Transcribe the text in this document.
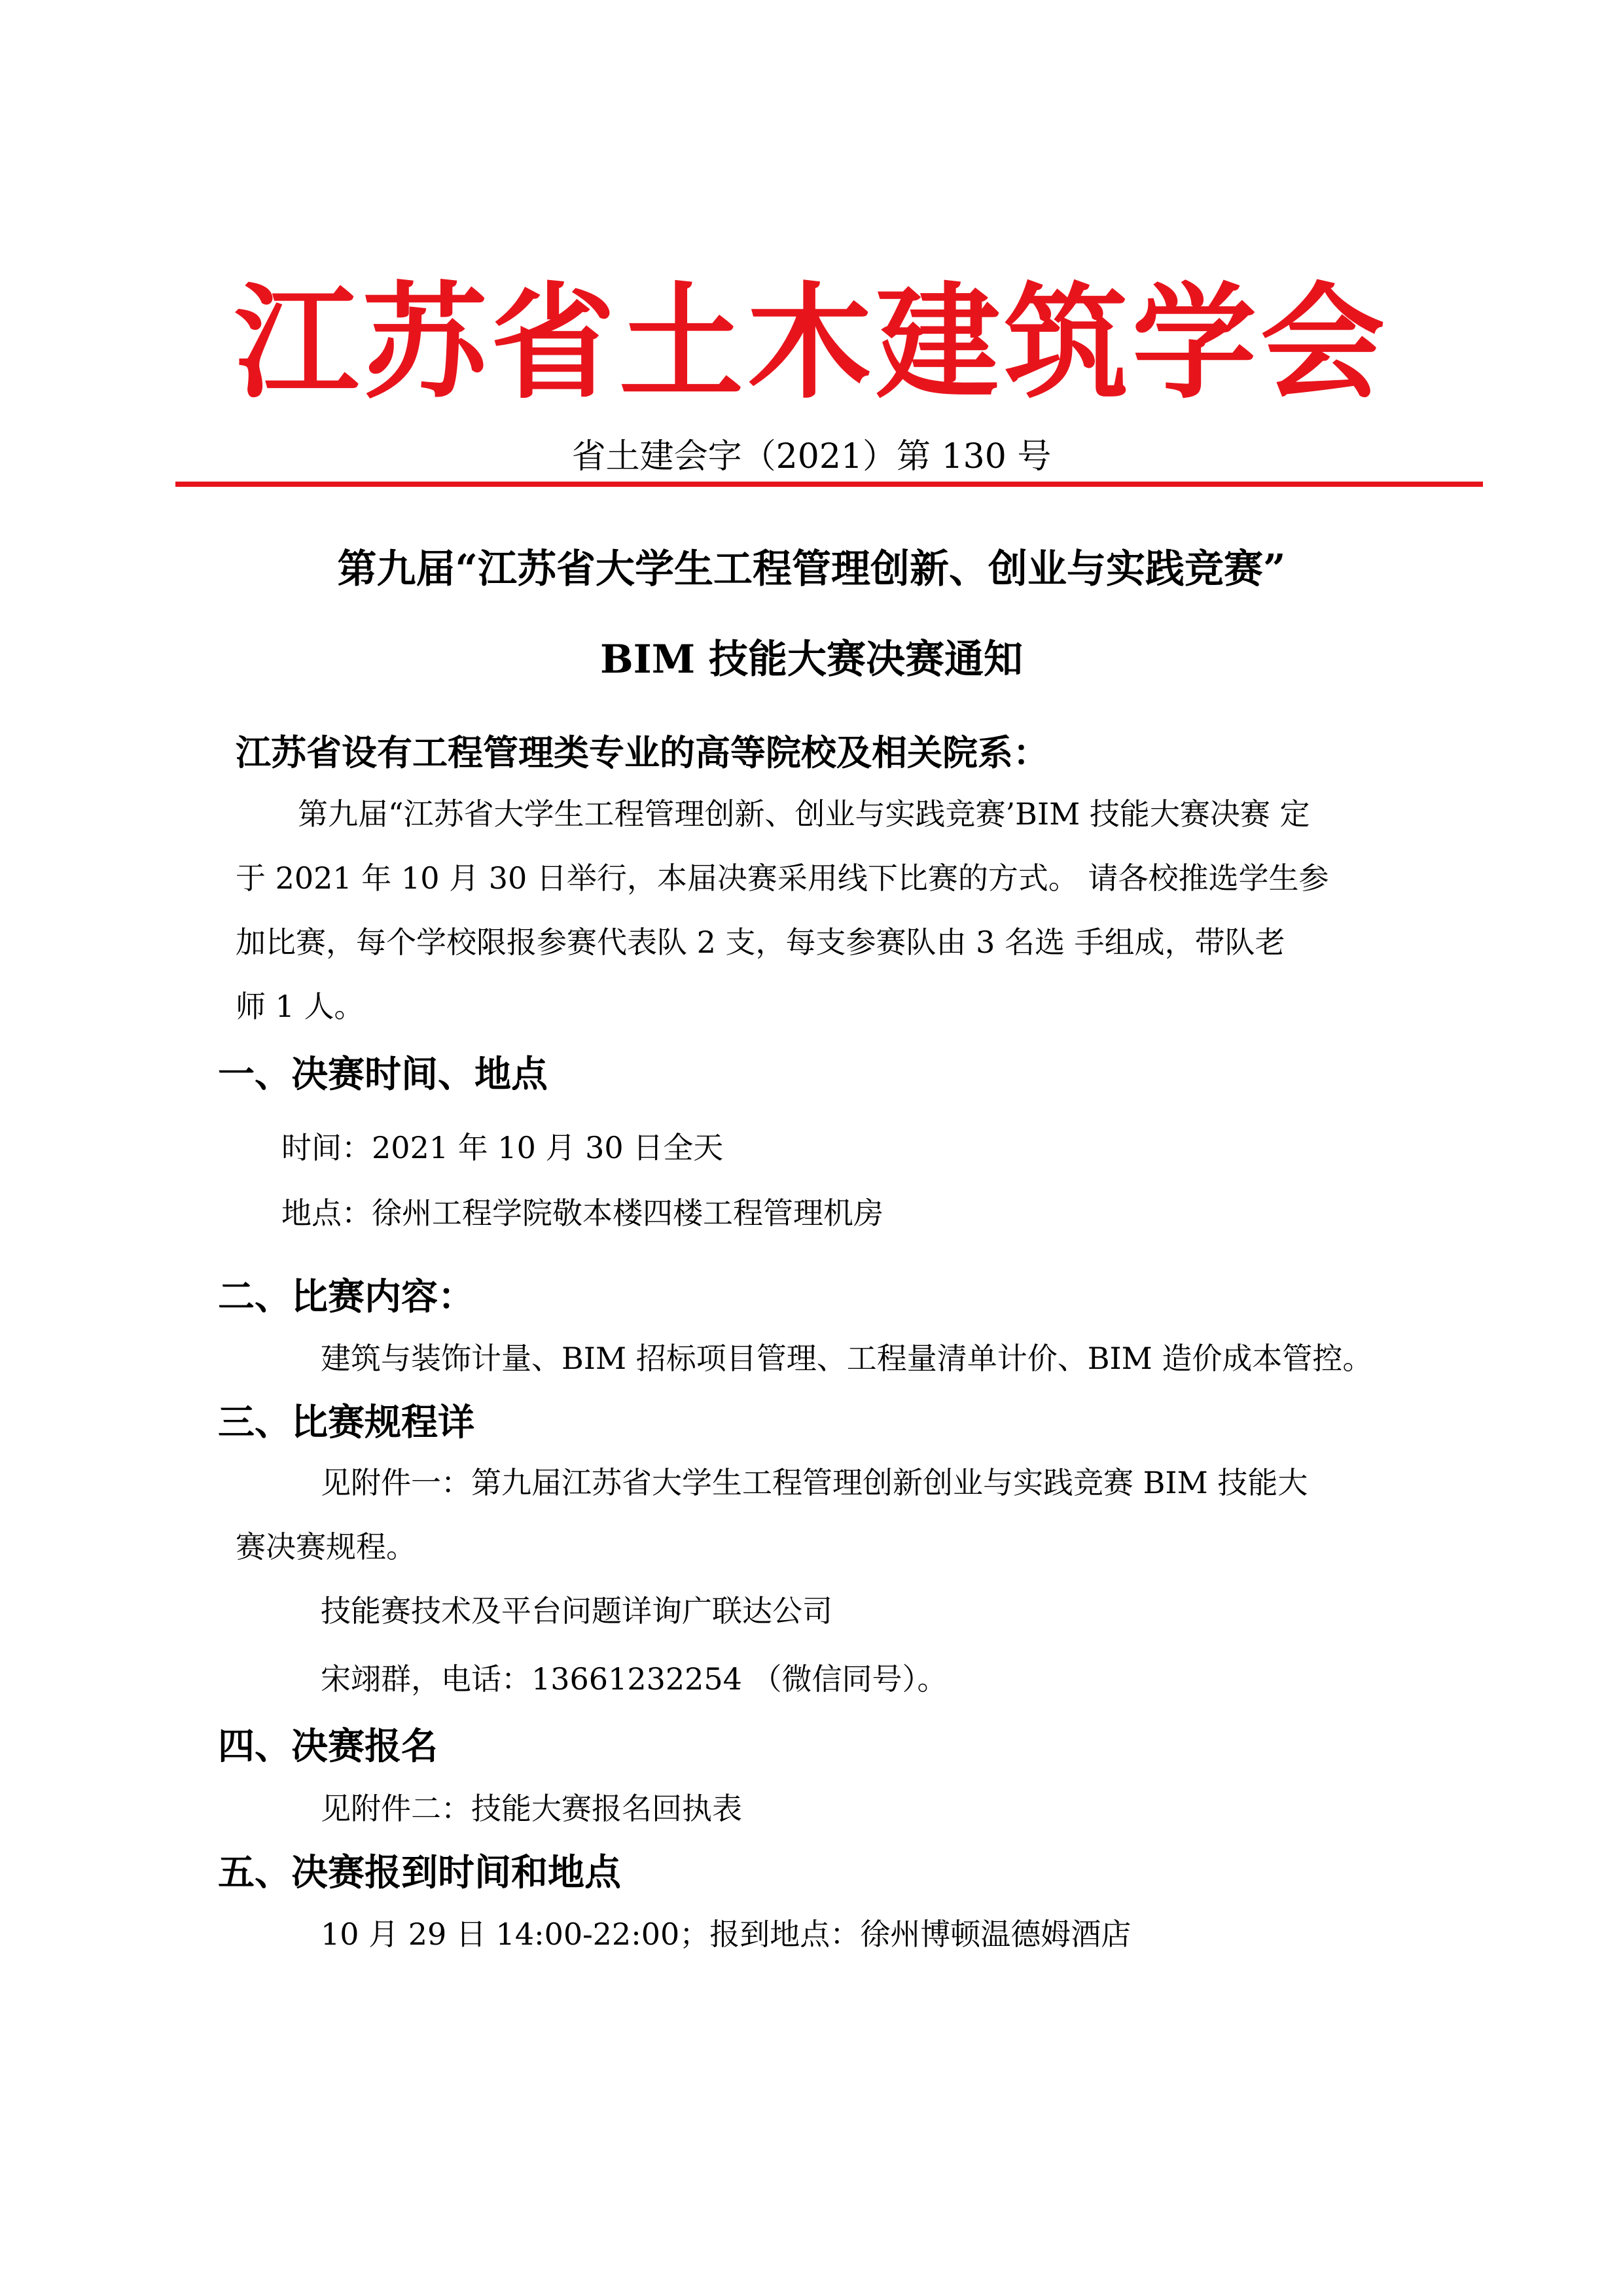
江苏省土木建筑学会
省土建会字（2021）第 130 号
第九届“江苏省大学生工程管理创新、创业与实践竞赛”
BIM 技能大赛决赛通知
江苏省设有工程管理类专业的高等院校及相关院系：
第九届“江苏省大学生工程管理创新、创业与实践竞赛’BIM 技能大赛决赛 定
于 2021 年 10 月 30 日举行，本届决赛采用线下比赛的方式。 请各校推选学生参
加比赛，每个学校限报参赛代表队 2 支，每支参赛队由 3 名选 手组成，带队老
师 1 人。
一、决赛时间、地点
时间：2021 年 10 月 30 日全天
地点：徐州工程学院敬本楼四楼工程管理机房
二、比赛内容：
建筑与装饰计量、BIM 招标项目管理、工程量清单计价、BIM 造价成本管控。
三、比赛规程详
见附件一：第九届江苏省大学生工程管理创新创业与实践竞赛 BIM 技能大
赛决赛规程。
技能赛技术及平台问题详询广联达公司
宋翊群，电话：13661232254 （微信同号）。
四、决赛报名
见附件二：技能大赛报名回执表
五、决赛报到时间和地点
10 月 29 日 14:00-22:00；报到地点：徐州博顿温德姆酒店
